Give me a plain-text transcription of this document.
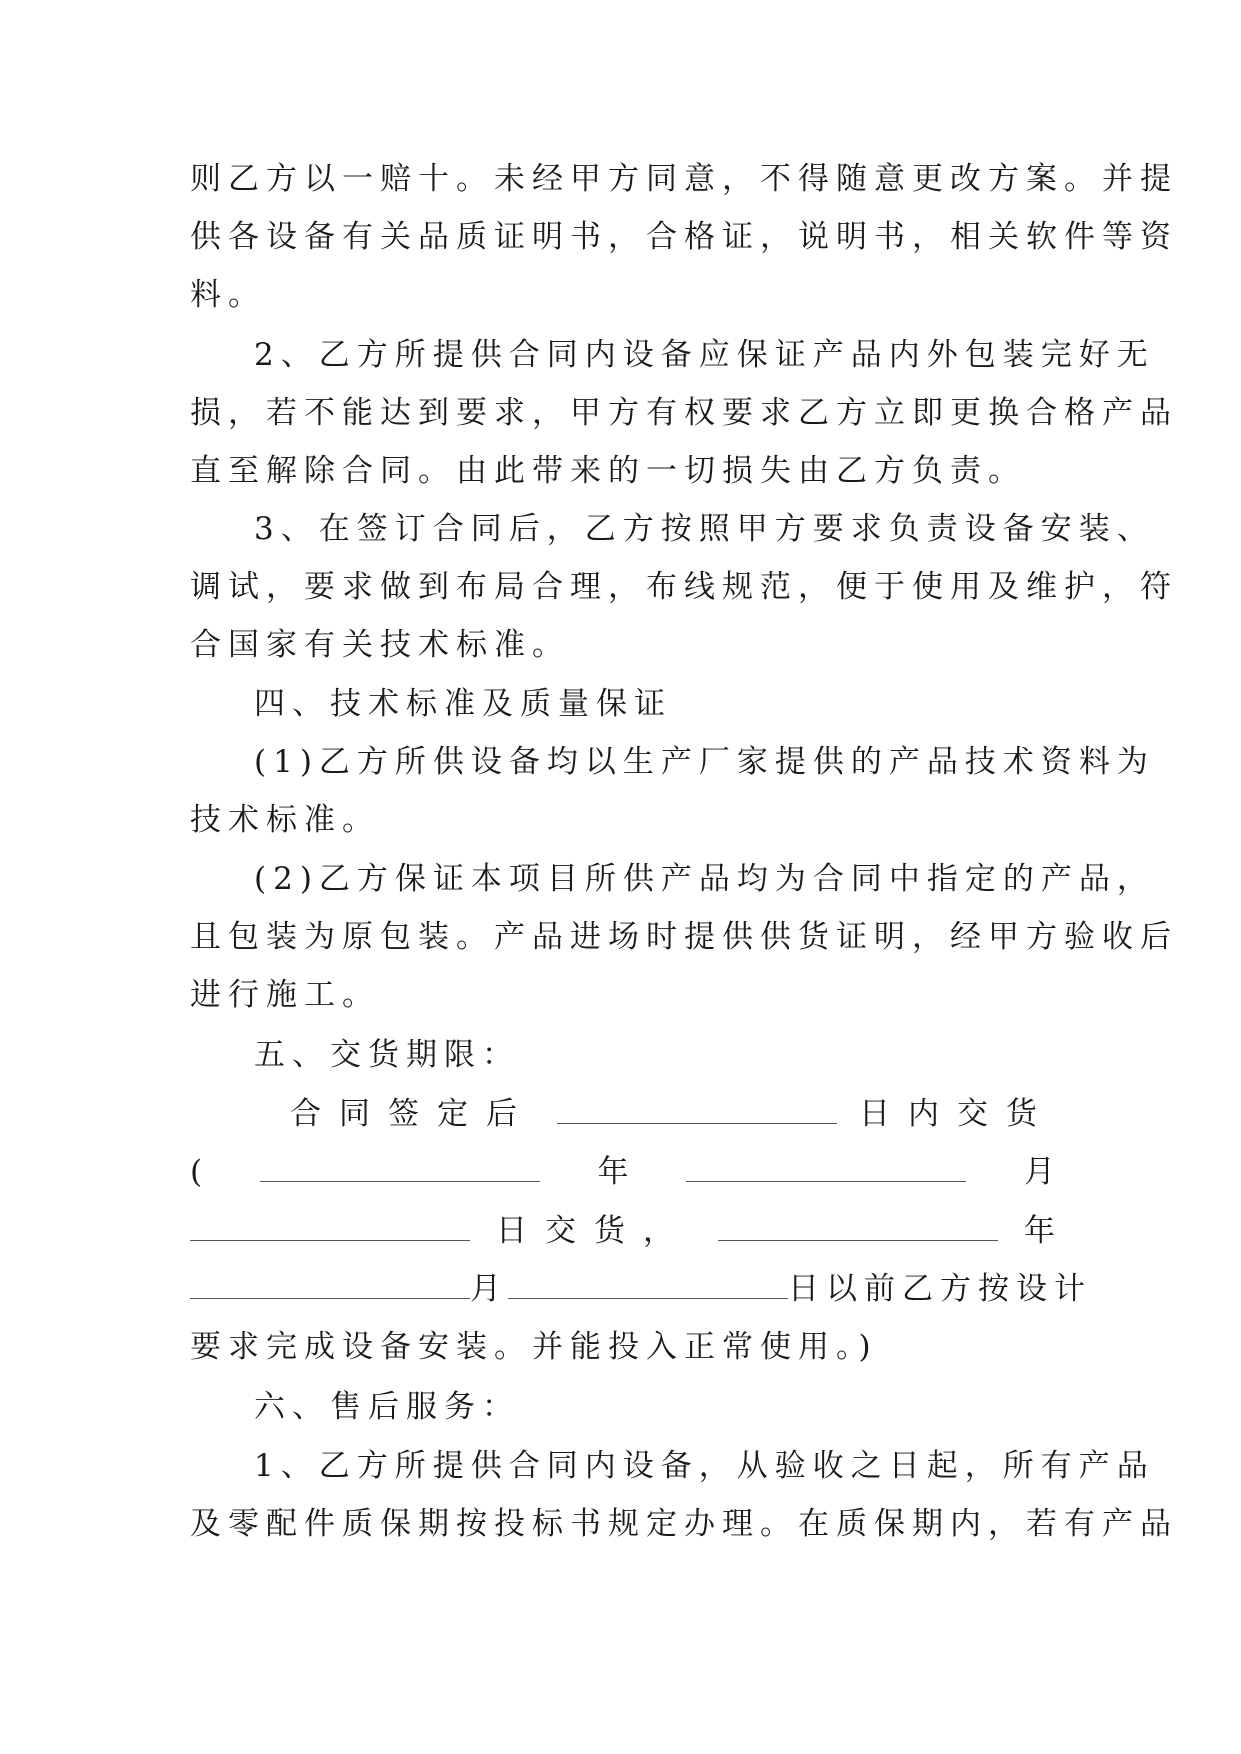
则乙方以一赔十。未经甲方同意，不得随意更改方案。并提
供各设备有关品质证明书，合格证，说明书，相关软件等资
料。
2、乙方所提供合同内设备应保证产品内外包装完好无
损，若不能达到要求，甲方有权要求乙方立即更换合格产品
直至解除合同。由此带来的一切损失由乙方负责。
3、在签订合同后，乙方按照甲方要求负责设备安装、
调试，要求做到布局合理，布线规范，便于使用及维护，符
合国家有关技术标准。
四、技术标准及质量保证
(1)乙方所供设备均以生产厂家提供的产品技术资料为
技术标准。
(2)乙方保证本项目所供产品均为合同中指定的产品，
且包装为原包装。产品进场时提供供货证明，经甲方验收后
进行施工。
五、交货期限：
合同签定后	日内交货
(	年	月
日交货，	年
月	日以前乙方按设计
要求完成设备安装。并能投入正常使用。)
六、售后服务：
1、乙方所提供合同内设备，从验收之日起，所有产品
及零配件质保期按投标书规定办理。在质保期内，若有产品
